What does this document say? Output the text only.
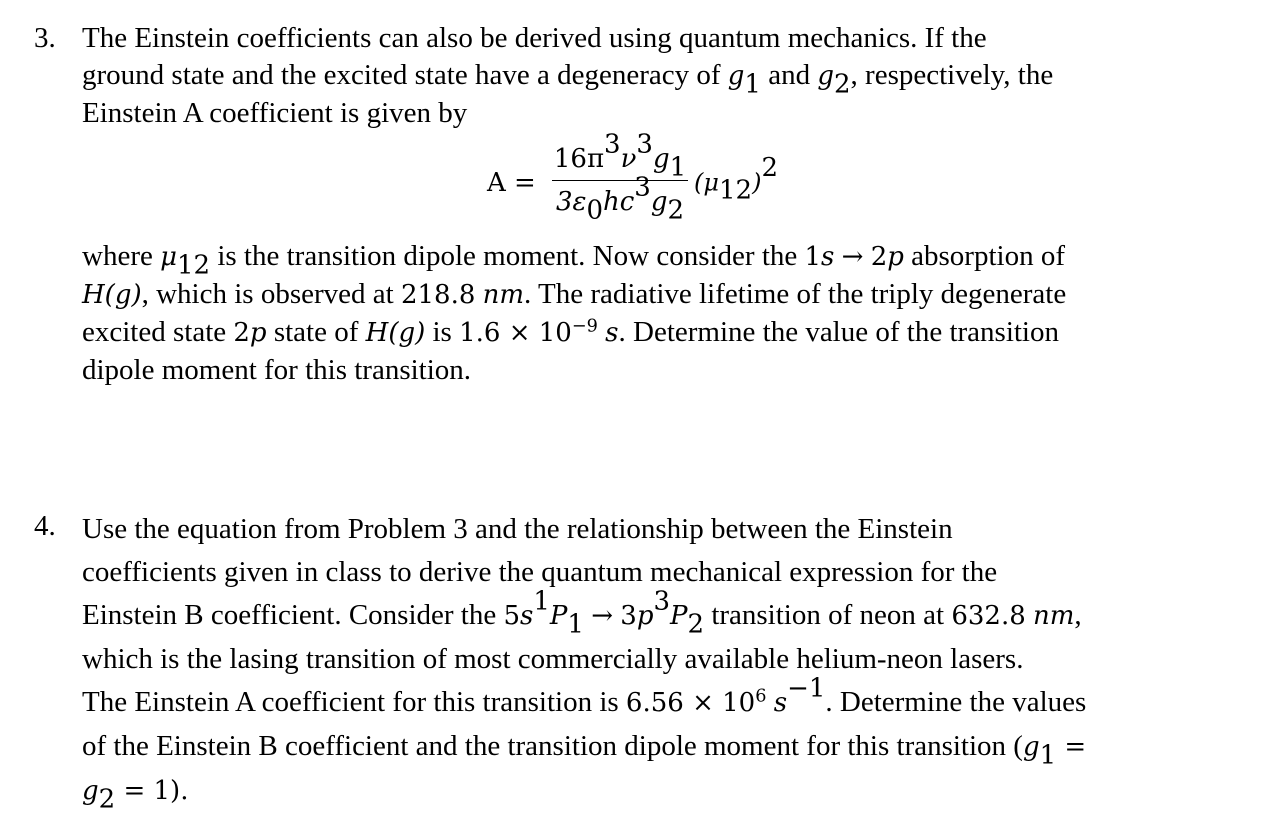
3. The Einstein coefficients can also be derived using quantum mechanics. If the
ground state and the excited state have a degeneracy of $g_1$ and $g_2$, respectively, the
Einstein A coefficient is given by
A =
$16\pi^3\nu^3g_1$
$3\varepsilon_0hc^3g_2$
$(\mu_{12})^2$
where $\mu_{12}$ is the transition dipole moment. Now consider the 1s → 2p absorption of
H(g), which is observed at 218.8 nm. The radiative lifetime of the triply degenerate
excited state 2p state of H(g) is $1.6 \times 10^{-9}$ s. Determine the value of the transition
dipole moment for this transition.
4. Use the equation from Problem 3 and the relationship between the Einstein
coefficients given in class to derive the quantum mechanical expression for the
Einstein B coefficient. Consider the $5s^1P_1 \to 3p^3P_2$ transition of neon at 632.8 nm,
which is the lasing transition of most commercially available helium-neon lasers.
The Einstein A coefficient for this transition is $6.56 \times 10^6$ $s^{-1}$. Determine the values
of the Einstein B coefficient and the transition dipole moment for this transition ($g_1$ =
$g_2 = 1$).
